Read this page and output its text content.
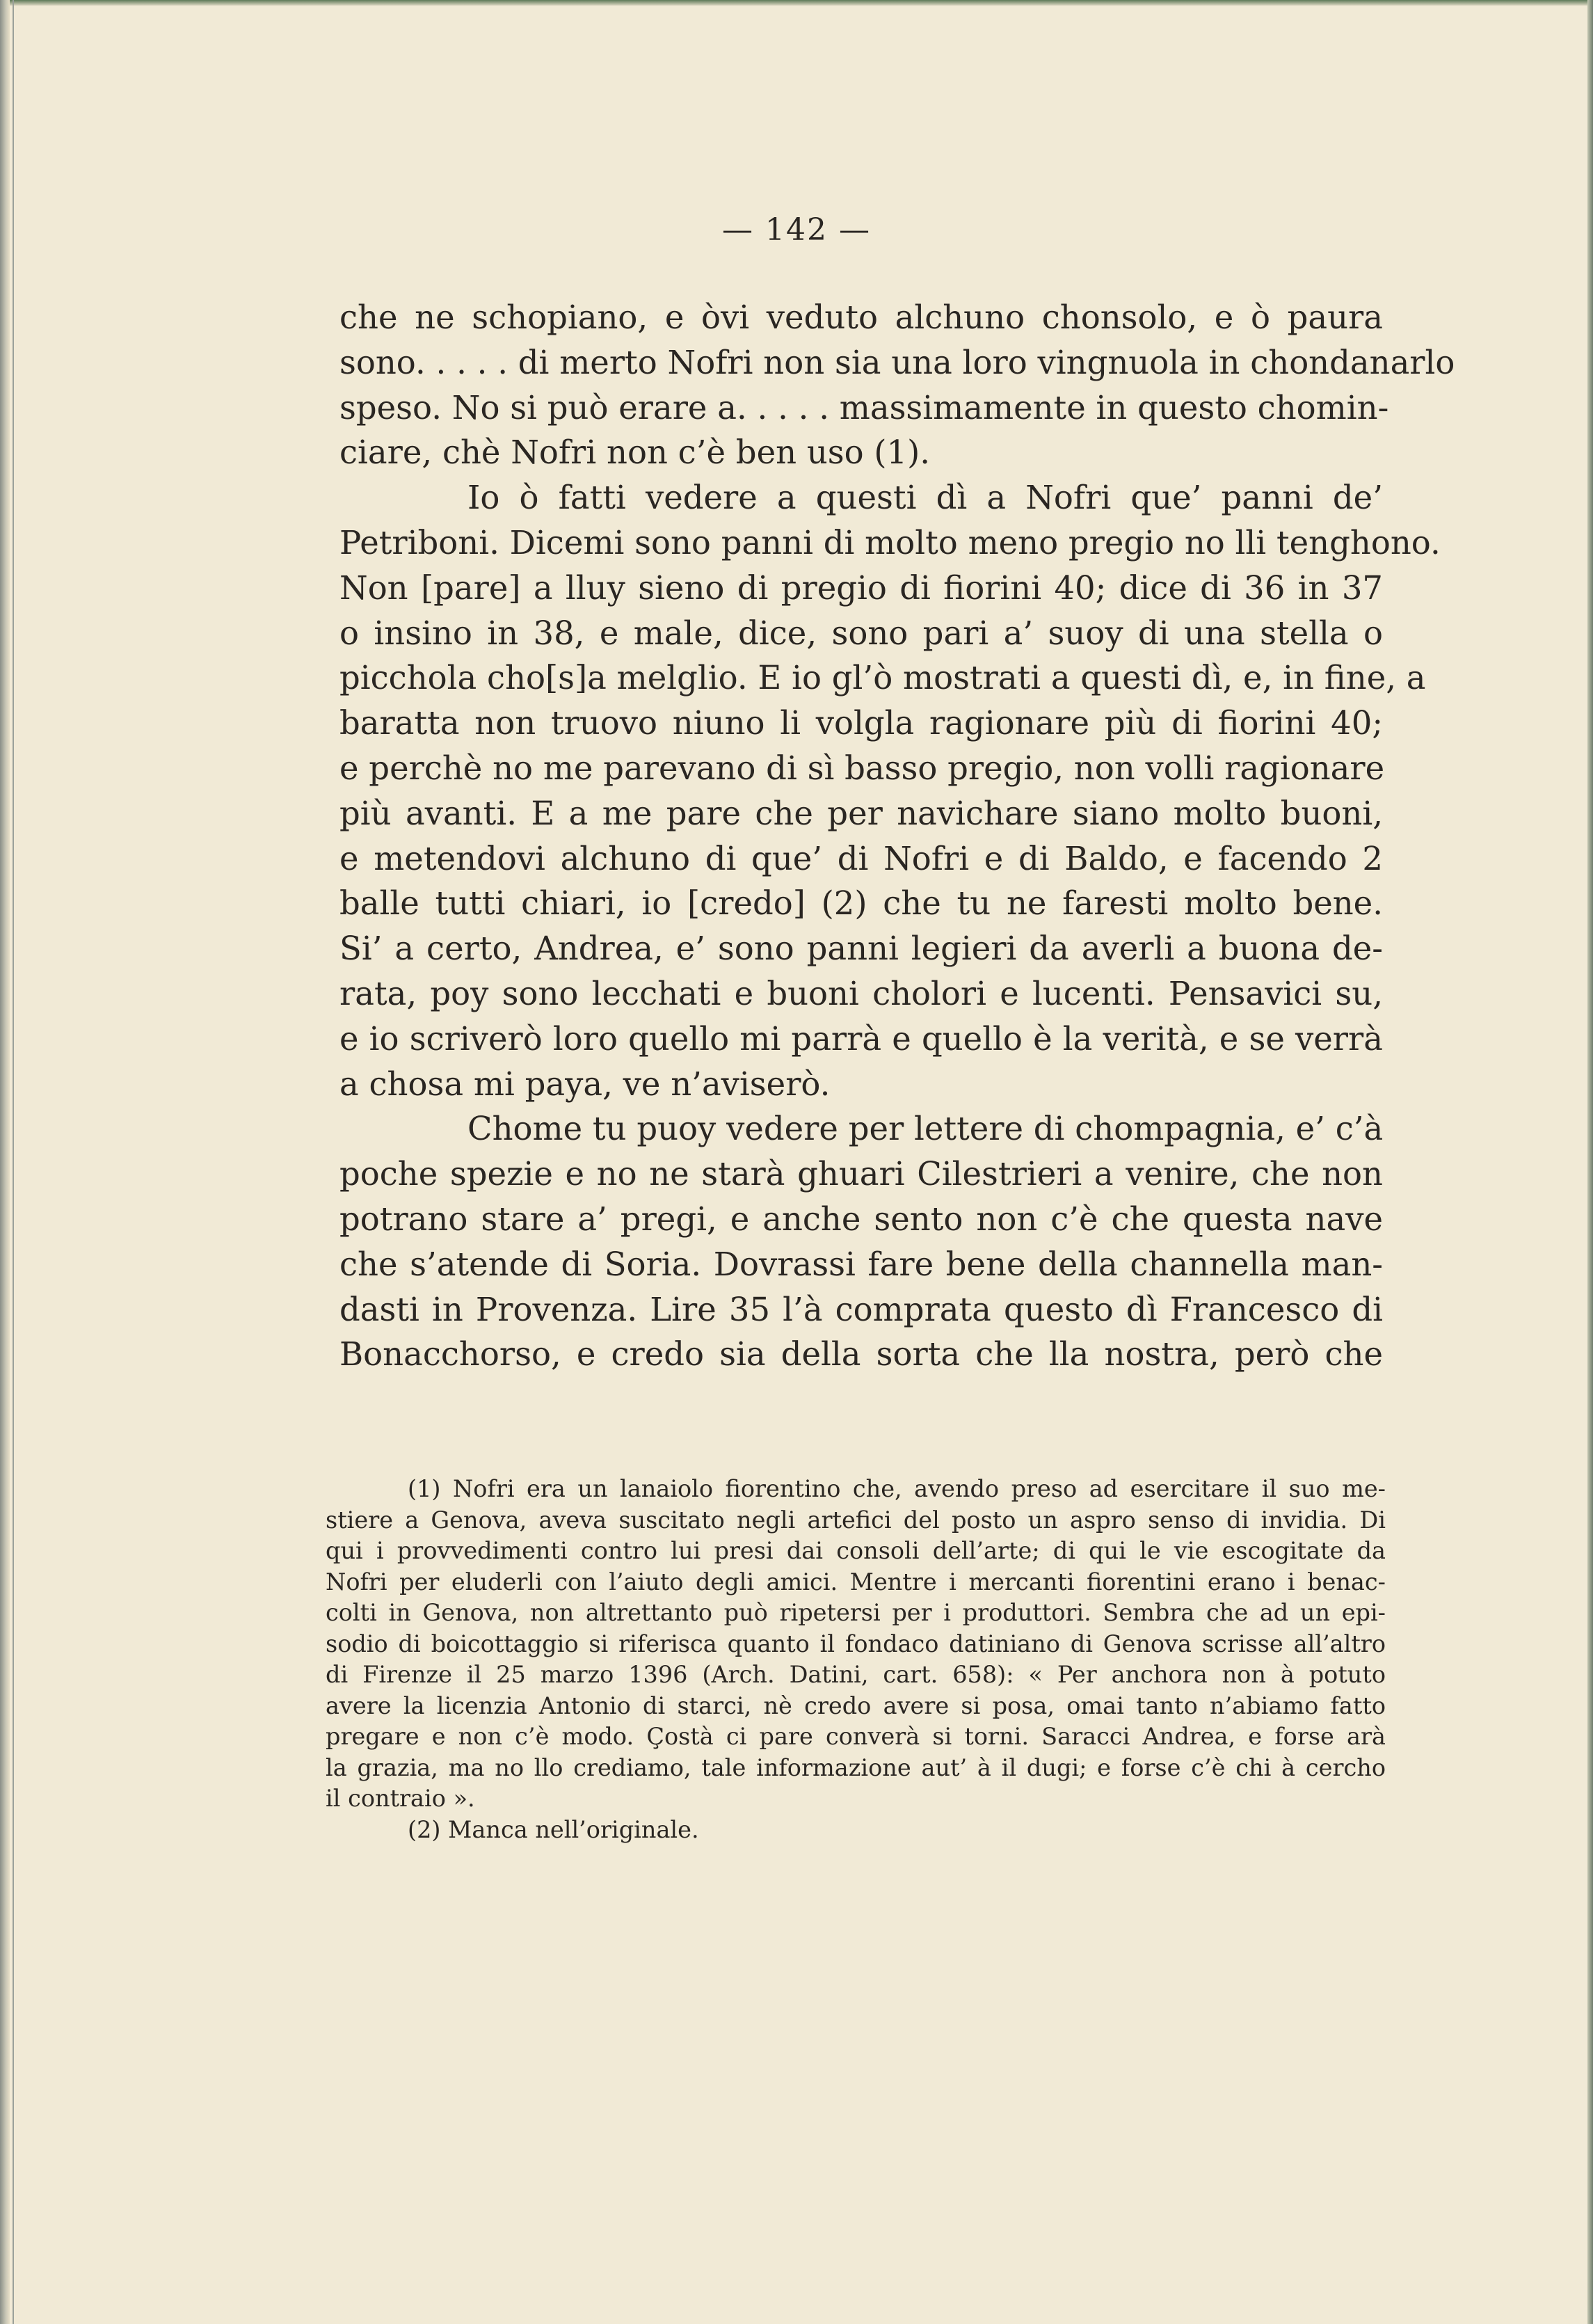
— 142 —
che ne schopiano, e òvi veduto alchuno chonsolo, e ò paura
sono. . . . . di merto Nofri non sia una loro vingnuola in chondanarlo
speso. No si può erare a. . . . . massimamente in questo chomin-
ciare, chè Nofri non c’è ben uso (1).
Io ò fatti vedere a questi dì a Nofri que’ panni de’
Petriboni. Dicemi sono panni di molto meno pregio no lli tenghono.
Non [pare] a lluy sieno di pregio di fiorini 40; dice di 36 in 37
o insino in 38, e male, dice, sono pari a’ suoy di una stella o
picchola cho[s]a melglio. E io gl’ò mostrati a questi dì, e, in fine, a
baratta non truovo niuno li volgla ragionare più di fiorini 40;
e perchè no me parevano di sì basso pregio, non volli ragionare
più avanti. E a me pare che per navichare siano molto buoni,
e metendovi alchuno di que’ di Nofri e di Baldo, e facendo 2
balle tutti chiari, io [credo] (2) che tu ne faresti molto bene.
Si’ a certo, Andrea, e’ sono panni legieri da averli a buona de-
rata, poy sono lecchati e buoni cholori e lucenti. Pensavici su,
e io scriverò loro quello mi parrà e quello è la verità, e se verrà
a chosa mi paya, ve n’aviserò.
Chome tu puoy vedere per lettere di chompagnia, e’ c’à
poche spezie e no ne starà ghuari Cilestrieri a venire, che non
potrano stare a’ pregi, e anche sento non c’è che questa nave
che s’atende di Soria. Dovrassi fare bene della channella man-
dasti in Provenza. Lire 35 l’à comprata questo dì Francesco di
Bonacchorso, e credo sia della sorta che lla nostra, però che
(1) Nofri era un lanaiolo fiorentino che, avendo preso ad esercitare il suo me-
stiere a Genova, aveva suscitato negli artefici del posto un aspro senso di invidia. Di
qui i provvedimenti contro lui presi dai consoli dell’arte; di qui le vie escogitate da
Nofri per eluderli con l’aiuto degli amici. Mentre i mercanti fiorentini erano i benac-
colti in Genova, non altrettanto può ripetersi per i produttori. Sembra che ad un epi-
sodio di boicottaggio si riferisca quanto il fondaco datiniano di Genova scrisse all’altro
di Firenze il 25 marzo 1396 (Arch. Datini, cart. 658): « Per anchora non à potuto
avere la licenzia Antonio di starci, nè credo avere si posa, omai tanto n’abiamo fatto
pregare e non c’è modo. Çostà ci pare converà si torni. Saracci Andrea, e forse arà
la grazia, ma no llo crediamo, tale informazione aut’ à il dugi; e forse c’è chi à cercho
il contraio ».
(2) Manca nell’originale.
